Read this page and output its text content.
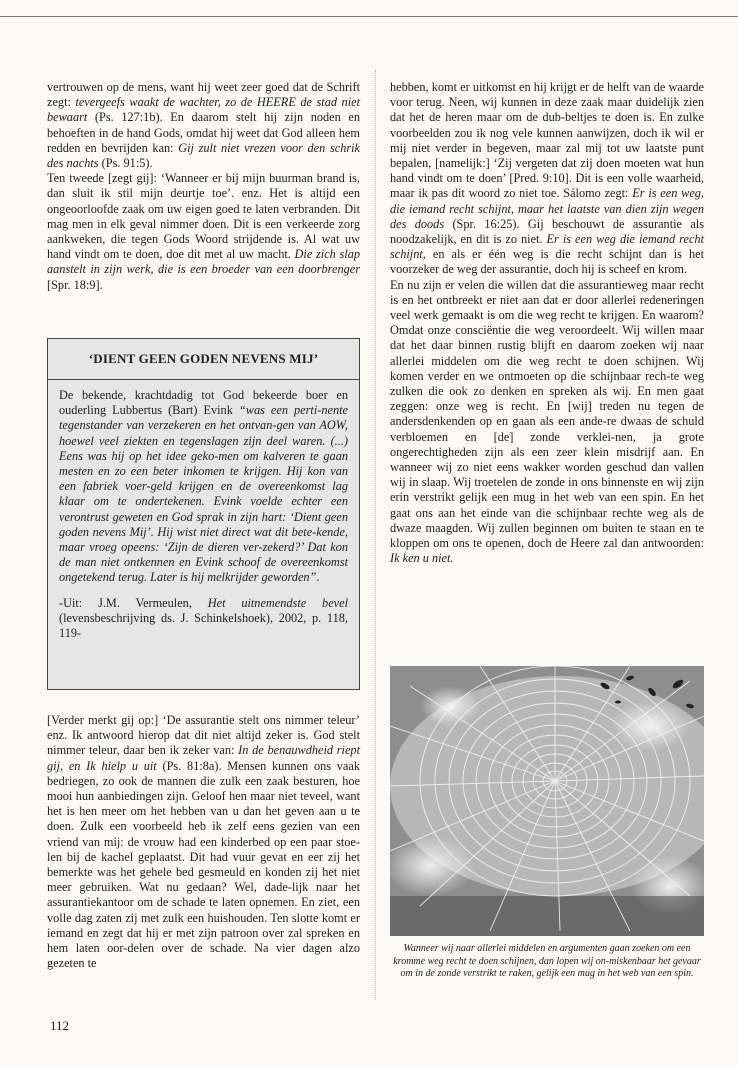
vertrouwen op de mens, want hij weet zeer goed dat de Schrift zegt: tevergeefs waakt de wachter, zo de HEERE de stad niet bewaart (Ps. 127:1b). En daarom stelt hij zijn noden en behoeften in de hand Gods, omdat hij weet dat God alleen hem redden en bevrijden kan: Gij zult niet vrezen voor den schrik des nachts (Ps. 91:5).

Ten tweede [zegt gij]: ‘Wanneer er bij mijn buurman brand is, dan sluit ik stil mijn deurtje toe’. enz. Het is altijd een ongeoorloofde zaak om uw eigen goed te laten verbranden. Dit mag men in elk geval nimmer doen. Dit is een verkeerde zorg aankweken, die tegen Gods Woord strijdende is. Al wat uw hand vindt om te doen, doe dit met al uw macht. Die zich slap aanstelt in zijn werk, die is een broeder van een doorbrenger [Spr. 18:9].

‘DIENT GEEN GODEN NEVENS MIJ’

De bekende, krachtdadig tot God bekeerde boer en ouderling Lubbertus (Bart) Evink “was een perti-nente tegenstander van verzekeren en het ontvan-gen van AOW, hoewel veel ziekten en tegenslagen zijn deel waren. (...) Eens was hij op het idee geko-men om kalveren te gaan mesten en zo een beter inkomen te krijgen. Hij kon van een fabriek voer-geld krijgen en de overeenkomst lag klaar om te ondertekenen. Evink voelde echter een verontrust geweten en God sprak in zijn hart: ‘Dient geen goden nevens Mij’. Hij wist niet direct wat dit bete-kende, maar vroeg opeens: ‘Zijn de dieren ver-zekerd?’ Dat kon de man niet ontkennen en Evink schoof de overeenkomst ongetekend terug. Later is hij melkrijder geworden”.

-Uit: J.M. Vermeulen, Het uitnemendste bevel (levensbeschrijving ds. J. Schinkelshoek), 2002, p. 118, 119-

[Verder merkt gij op:] ‘De assurantie stelt ons nimmer teleur’ enz. Ik antwoord hierop dat dit niet altijd zeker is. God stelt nimmer teleur, daar ben ik zeker van: In de benauwdheid riept gij, en Ik hielp u uit (Ps. 81:8a). Mensen kunnen ons vaak bedriegen, zo ook de mannen die zulk een zaak besturen, hoe mooi hun aanbiedingen zijn. Geloof hen maar niet teveel, want het is hen meer om het hebben van u dan het geven aan u te doen. Zulk een voorbeeld heb ik zelf eens gezien van een vriend van mij: de vrouw had een kinderbed op een paar stoe-len bij de kachel geplaatst. Dit had vuur gevat en eer zij het bemerkte was het gehele bed gesmeuld en konden zij het niet meer gebruiken. Wat nu gedaan? Wel, dade-lijk naar het assurantiekantoor om de schade te laten opnemen. En ziet, een volle dag zaten zij met zulk een huishouden. Ten slotte komt er iemand en zegt dat hij er met zijn patroon over zal spreken en hem laten oor-delen over de schade. Na vier dagen alzo gezeten te

hebben, komt er uitkomst en hij krijgt er de helft van de waarde voor terug. Neen, wij kunnen in deze zaak maar duidelijk zien dat het de heren maar om de dub-beltjes te doen is. En zulke voorbeelden zou ik nog vele kunnen aanwijzen, doch ik wil er mij niet verder in begeven, maar zal mij tot uw laatste punt bepalen, [namelijk:] ‘Zij vergeten dat zij doen moeten wat hun hand vindt om te doen’ [Pred. 9:10]. Dit is een volle waarheid, maar ik pas dit woord zo niet toe. Sálomo zegt: Er is een weg, die iemand recht schijnt, maar het laatste van dien zijn wegen des doods (Spr. 16:25). Gij beschouwt de assurantie als noodzakelijk, en dit is zo niet. Er is een weg die iemand recht schijnt, en als er één weg is die recht schijnt dan is het voorzeker de weg der assurantie, doch hij is scheef en krom.

En nu zijn er velen die willen dat die assurantieweg maar recht is en het ontbreekt er niet aan dat er door allerlei redeneringen veel werk gemaakt is om die weg recht te krijgen. En waarom? Omdat onze consciëntie die weg veroordeelt. Wij willen maar dat het daar binnen rustig blijft en daarom zoeken wij naar allerlei middelen om die weg recht te doen schijnen. Wij komen verder en we ontmoeten op die schijnbaar rech-te weg zulken die ook zo denken en spreken als wij. En men gaat zeggen: onze weg is recht. En [wij] treden nu tegen de andersdenkenden op en gaan als een ande-re dwaas de schuld verbloemen en [de] zonde verklei-nen, ja grote ongerechtigheden zijn als een zeer klein misdrijf aan. En wanneer wij zo niet eens wakker worden geschud dan vallen wij in slaap. Wij troetelen de zonde in ons binnenste en wij zijn erin verstrikt gelijk een mug in het web van een spin. En het gaat ons aan het einde van die schijnbaar rechte weg als de dwaze maagden. Wij zullen beginnen om buiten te staan en te kloppen om ons te openen, doch de Heere zal dan antwoorden: Ik ken u niet.

Wanneer wij naar allerlei middelen en argumenten gaan zoeken om een kromme weg recht te doen schijnen, dan lopen wij on-miskenbaar het gevaar om in de zonde verstrikt te raken, gelijk een mug in het web van een spin.
112
